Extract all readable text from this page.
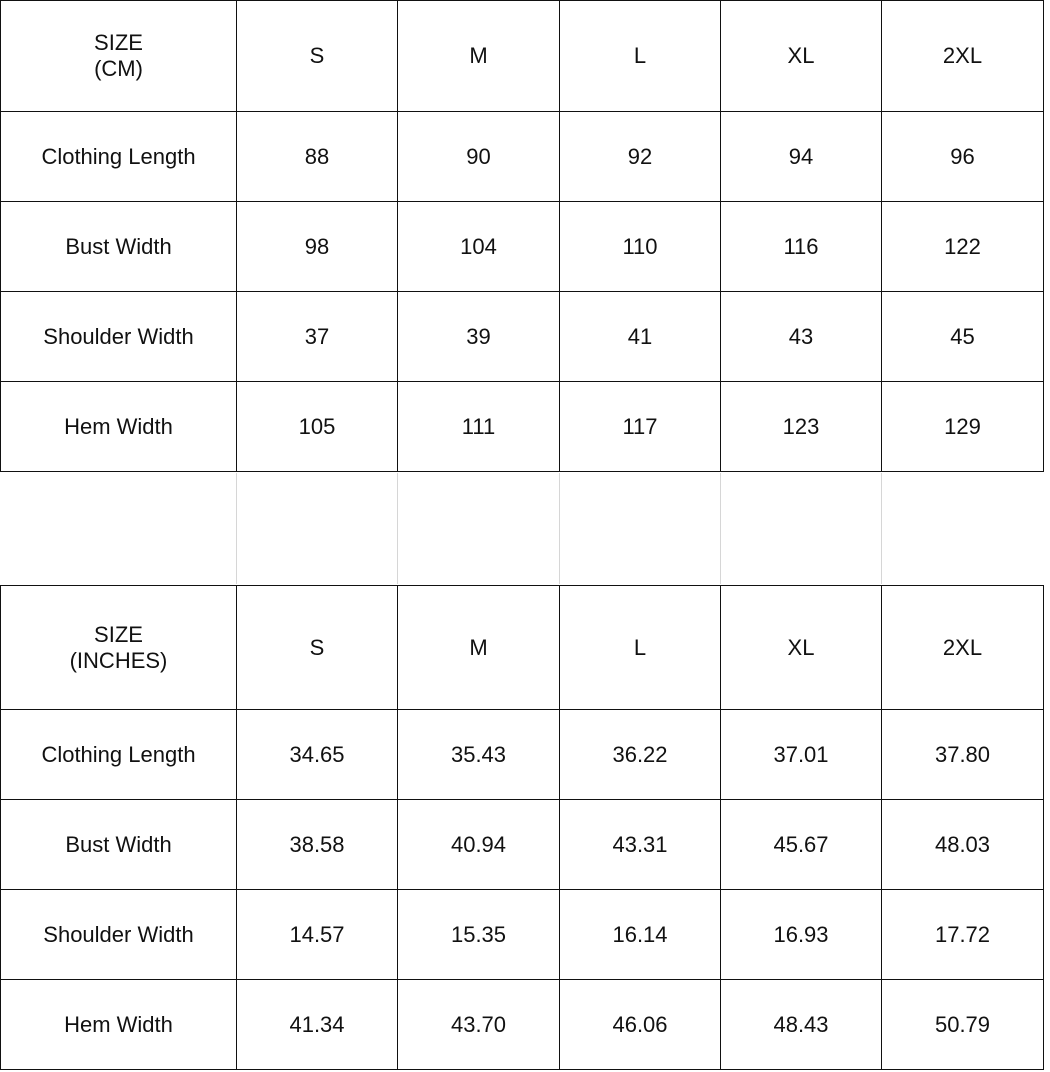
SIZE
(CM)	S	M	L	XL	2XL
Clothing Length	88	90	92	94	96
Bust Width	98	104	110	116	122
Shoulder Width	37	39	41	43	45
Hem Width	105	111	117	123	129
SIZE
(INCHES)	S	M	L	XL	2XL
Clothing Length	34.65	35.43	36.22	37.01	37.80
Bust Width	38.58	40.94	43.31	45.67	48.03
Shoulder Width	14.57	15.35	16.14	16.93	17.72
Hem Width	41.34	43.70	46.06	48.43	50.79
